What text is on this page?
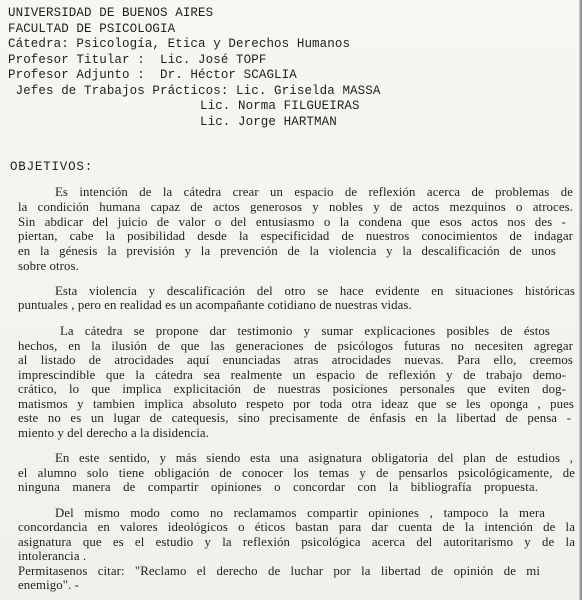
UNIVERSIDAD DE BUENOS AIRES
FACULTAD DE PSICOLOGIA
Cátedra: Psicología, Etica y Derechos Humanos
Profesor Titular :  Lic. José TOPF
Profesor Adjunto :  Dr. Héctor SCAGLIA
Jefes de Trabajos Prácticos: Lic. Griselda MASSA
Lic. Norma FILGUEIRAS
Lic. Jorge HARTMAN
OBJETIVOS:
Es intención de la cátedra crear un espacio de reflexión acerca de problemas de
la condición humana capaz de actos generosos y nobles y de actos mezquinos o atroces.
Sin abdicar del juicio de valor o del entusiasmo o la condena que esos actos nos des -
piertan, cabe la posibilidad desde la especificidad de nuestros conocimientos de indagar
en la génesis la previsión y la prevención de la violencia y la descalificación de unos
sobre otros.
Esta violencia y descalificación del otro se hace evidente en situaciones históricas
puntuales , pero en realidad es un acompañante cotidiano de nuestras vidas.
La cátedra se propone dar testimonio y sumar explicaciones posibles de éstos
hechos, en la ilusión de que las generaciones de psicólogos futuras no necesiten agregar
al listado de atrocidades aquí enunciadas atras atrocidades nuevas. Para ello, creemos
imprescindible que la cátedra sea realmente un espacio de reflexión y de trabajo demo-
crático, lo que implica explicitación de nuestras posiciones personales que eviten dog-
matismos y tambien implica absoluto respeto por toda otra ideaz que se les oponga , pues
este no es un lugar de catequesis, sino precisamente de énfasis en la libertad de pensa -
miento y del derecho a la disidencia.
En este sentido, y más siendo esta una asignatura obligatoria del plan de estudios ,
el alumno solo tiene obligación de conocer los temas y de pensarlos psicológicamente, de
ninguna manera de compartir opiniones o concordar con la bibliografía propuesta.
Del mismo modo como no reclamamos compartir opiniones , tampoco la mera
concordancia en valores ideológicos o éticos bastan para dar cuenta de la intención de la
asignatura que es el estudio y la reflexión psicológica acerca del autoritarismo y de la
intolerancia .
Permitasenos citar: "Reclamo el derecho de luchar por la libertad de opinión de mi
enemigo". -
